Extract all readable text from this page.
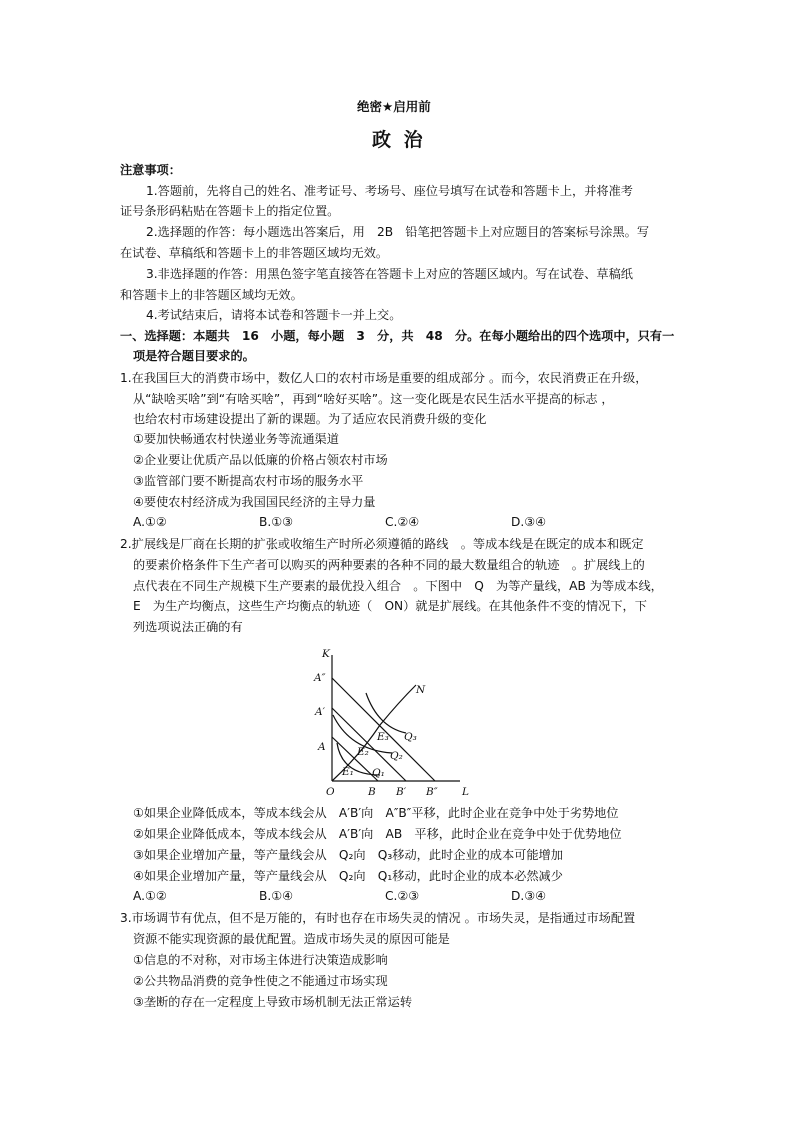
绝密★启用前
政 治
注意事项：
1.答题前，先将自己的姓名、准考证号、考场号、座位号填写在试卷和答题卡上，并将准考
证号条形码粘贴在答题卡上的指定位置。
2.选择题的作答：每小题选出答案后，用　2B　铅笔把答题卡上对应题目的答案标号涂黑。写
在试卷、草稿纸和答题卡上的非答题区域均无效。
3.非选择题的作答：用黑色签字笔直接答在答题卡上对应的答题区域内。写在试卷、草稿纸
和答题卡上的非答题区域均无效。
4.考试结束后，请将本试卷和答题卡一并上交。
一、选择题：本题共　16　小题，每小题　3　分，共　48　分。在每小题给出的四个选项中，只有一
项是符合题目要求的。
1.在我国巨大的消费市场中，数亿人口的农村市场是重要的组成部分 。而今，农民消费正在升级，
从“缺啥买啥”到“有啥买啥”，再到“啥好买啥”。这一变化既是农民生活水平提高的标志 ，
也给农村市场建设提出了新的课题。为了适应农民消费升级的变化
①要加快畅通农村快递业务等流通渠道
②企业要让优质产品以低廉的价格占领农村市场
③监管部门要不断提高农村市场的服务水平
④要使农村经济成为我国国民经济的主导力量
A.①②	B.①③	C.②④	D.③④
2.扩展线是厂商在长期的扩张或收缩生产时所必须遵循的路线　。等成本线是在既定的成本和既定
的要素价格条件下生产者可以购买的两种要素的各种不同的最大数量组合的轨迹　。扩展线上的
点代表在不同生产规模下生产要素的最优投入组合　。下图中　Q　为等产量线，AB 为等成本线，
E　为生产均衡点，这些生产均衡点的轨迹（　ON）就是扩展线。在其他条件不变的情况下，下
列选项说法正确的有
K
A″
A′
A
O	B B′ B″ L
N
E₁
E₂
E₃
Q₁
Q₂
Q₃
①如果企业降低成本，等成本线会从　A′B′向　A″B″平移，此时企业在竞争中处于劣势地位
②如果企业降低成本，等成本线会从　A′B′向　AB　平移，此时企业在竞争中处于优势地位
③如果企业增加产量，等产量线会从　Q₂向　Q₃移动，此时企业的成本可能增加
④如果企业增加产量，等产量线会从　Q₂向　Q₁移动，此时企业的成本必然减少
A.①②	B.①④	C.②③	D.③④
3.市场调节有优点，但不是万能的，有时也存在市场失灵的情况 。市场失灵，是指通过市场配置
资源不能实现资源的最优配置。造成市场失灵的原因可能是
①信息的不对称，对市场主体进行决策造成影响
②公共物品消费的竞争性使之不能通过市场实现
③垄断的存在一定程度上导致市场机制无法正常运转
